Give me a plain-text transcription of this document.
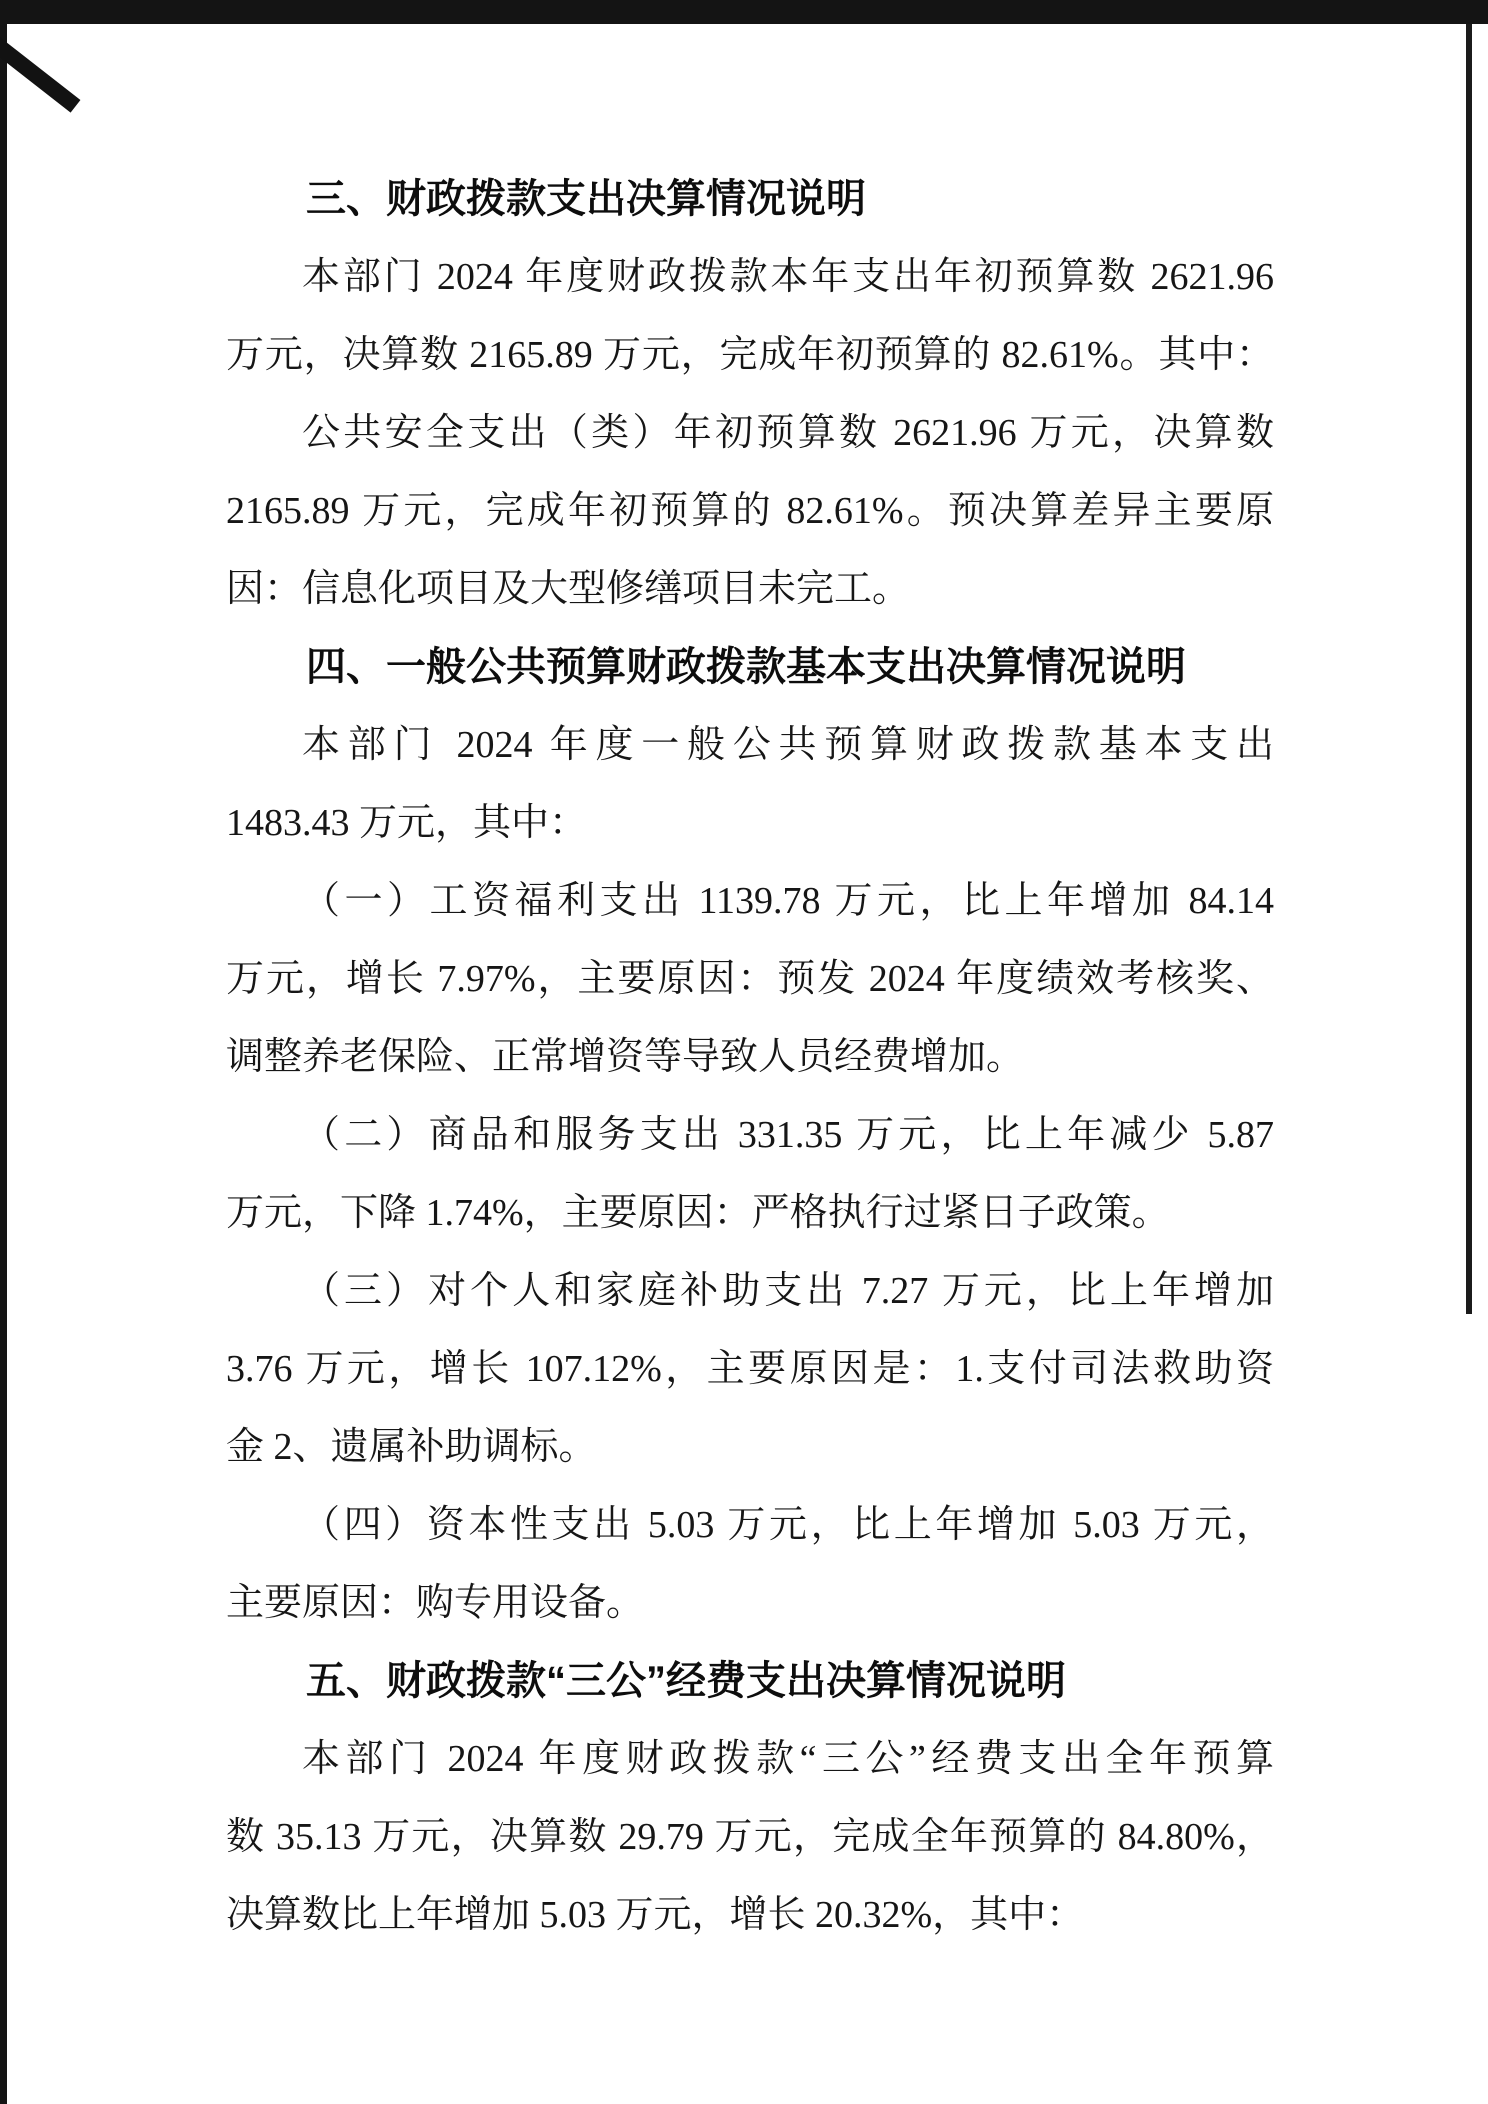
三、财政拨款支出决算情况说明
本部门 2024 年度财政拨款本年支出年初预算数 2621.96
万元，决算数 2165.89 万元，完成年初预算的 82.61%。其中：
公共安全支出（类）年初预算数 2621.96 万元，决算数
2165.89 万元，完成年初预算的 82.61%。预决算差异主要原
因：信息化项目及大型修缮项目未完工。
四、一般公共预算财政拨款基本支出决算情况说明
本部门 2024 年度一般公共预算财政拨款基本支出
1483.43 万元，其中：
（一）工资福利支出 1139.78 万元，比上年增加 84.14
万元，增长 7.97%，主要原因：预发 2024 年度绩效考核奖、
调整养老保险、正常增资等导致人员经费增加。
（二）商品和服务支出 331.35 万元，比上年减少 5.87
万元，下降 1.74%，主要原因：严格执行过紧日子政策。
（三）对个人和家庭补助支出 7.27 万元，比上年增加
3.76 万元，增长 107.12%，主要原因是：1.支付司法救助资
金 2、遗属补助调标。
（四）资本性支出 5.03 万元，比上年增加 5.03 万元，
主要原因：购专用设备。
五、财政拨款“三公”经费支出决算情况说明
本部门 2024 年度财政拨款“三公”经费支出全年预算
数 35.13 万元，决算数 29.79 万元，完成全年预算的 84.80%，
决算数比上年增加 5.03 万元，增长 20.32%，其中：
